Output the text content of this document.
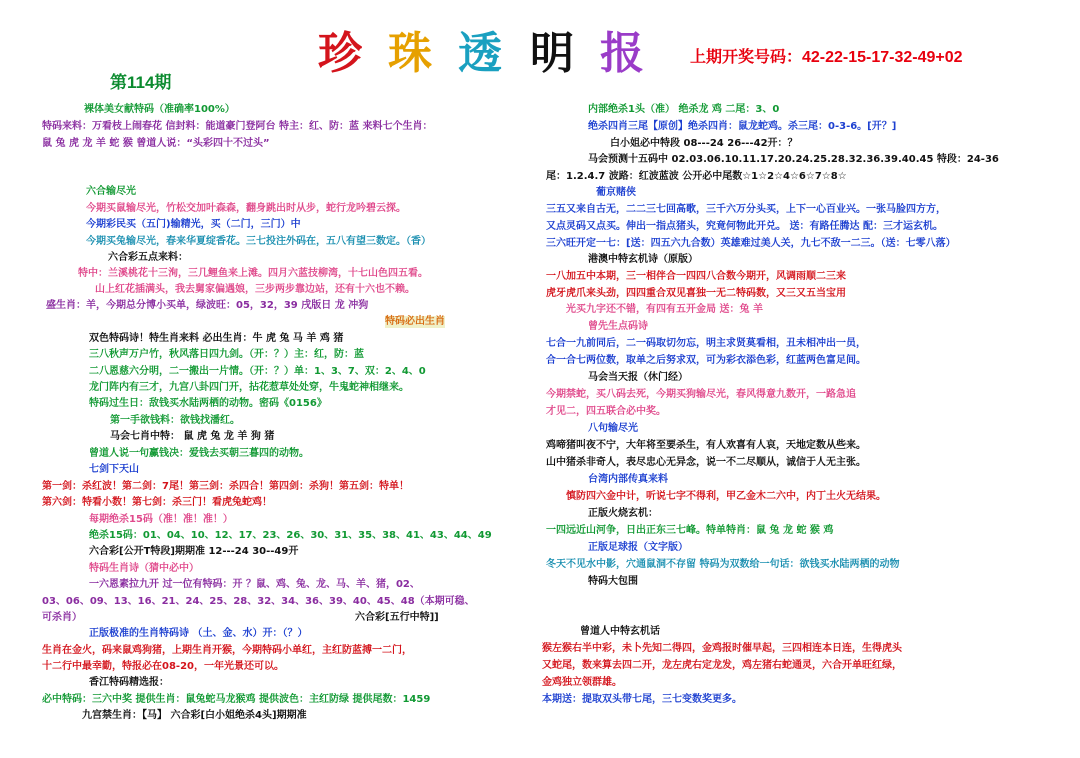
珍 珠 透 明 报	上期开奖号码：42-22-15-17-32-49+02
第114期
裸体美女献特码（准确率100%）
特码来料：万看枝上闹春花 信封料：能道豪门登阿台 特主：红、防：蓝 来料七个生肖：
鼠 兔 虎 龙 羊 蛇 猴 曾道人说：“头彩四十不过头”
六合输尽光
今期买鼠输尽光，竹松交加叶森森，翻身跳出时从步，蛇行龙吟碧云探。
今期彩民买（五门)输精光，买（二门，三门）中
今期买兔输尽光，春来华夏绽香花。三七投注外码在，五八有望三数定。（香）
六合彩五点来料：
特中：兰溪桃花十三洵，三几鲤鱼来上滩。四月六蓝技柳湾，十七山色四五看。
山上红花插满头，我去舅家偏遇娘，三步两步靠边站，还有十六也不赖。
盛生肖：羊，今期总分博小买单，绿波旺：05，32，39 戌版日 龙 冲狗
特码必出生肖
双色特码诗！特生肖来料 必出生肖：牛 虎 兔 马 羊 鸡 猪
三八秋声万户竹，秋风落日四九剑。（开：？）主：红，防：蓝
二八恩慈六分明，二一搬出一片情。（开：？）单：1、3、7、双：2、4、0
龙门阵内有三才，九宫八卦四门开，拈花惹草处处穿，牛鬼蛇神相继来。
特码过生日：敌钱买水陆两栖的动物。密码《0156》
第一手欲钱料：欲钱找潘红。
马会七肖中特： 鼠 虎 兔 龙 羊 狗 猪
曾道人说一句赢钱决：爱钱去买朝三暮四的动物。
七剑下天山
第一剑：杀红波！第二剑：7尾！第三剑：杀四合！第四剑：杀狗！第五剑：特单！
第六剑：特看小数！第七剑：杀三门！看虎兔蛇鸡！
每期绝杀15码（准！准！准！）
绝杀15码：01、04、10、12、17、23、26、30、31、35、38、41、43、44、49
六合彩[公开T特段]期期准 12---24 30--49开
特码生肖诗（猜中必中）
一六恩素拉九开 过一位有特码：开 ？鼠、鸡、兔、龙、马、羊、猪，02、
03、06、09、13、16、21、24、25、28、32、34、36、39、40、45、48（本期可稳、
可杀肖）	六合彩[五行中特]]
正版极准的生肖特码诗 （土、金、水）开：（？）
生肖在金火，码来鼠鸡狗猪，上期生肖开猴，今期特码小单红，主红防蓝搏一二门，
十二行中最幸勤，特报必在08-20，一年光景还可以。
香江特码精选报：
必中特码：三六中奖 提供生肖：鼠兔蛇马龙猴鸡 提供波色：主红防绿 提供尾数：1459
九宫禁生肖：【马】 六合彩[白小姐绝杀4头]期期准
内部绝杀1头（准） 绝杀龙 鸡 二尾：3、0
绝杀四肖三尾【原创】绝杀四肖：鼠龙蛇鸡。杀三尾：0-3-6。[开？]
白小姐必中特段 08---24 26---42开：？
马会预测十五码中 02.03.06.10.11.17.20.24.25.28.32.36.39.40.45 特段：24-36
尾：1.2.4.7 波路：红波蓝波 公开必中尾数☆1☆2☆4☆6☆7☆8☆
葡京赌侠
三五又来自古无，二二三七回高歌，三千六万分头买，上下一心百业兴。一张马脸四方方，
又点灵码又点买。伸出一指点猪头，究竟何物此开兑。 送：有路任腾达 配：三才运玄机。
三六旺开定一七：[送：四五六九合数）英雄难过美人关，九七不敌一二三。（送：七零八落）
港澳中特玄机诗（原版）
一八加五中本期，三一相伴合一四四八合数今期开，风调雨顺二三来
虎牙虎爪来头劲，四四重合双见喜独一无二特码数，又三又五当宝用
光买九字还不错，有四有五开金局 送：兔 羊
曾先生点码诗
七合一九前同后，二一码取切勿忘，明主求贤莫看相，丑未相冲出一员，
合一合七两位数，取单之后努求双，可为彩衣添色彩，红蓝两色富足间。
马会当天报（休门经）
今期禁蛇，买八码去死，今期买狗输尽光，春风得意九数开，一路急追
才见二，四五联合必中奖。
八句输尽光
鸡啼猪叫夜不宁，大年将至要杀生，有人欢喜有人哀，天地定数从些来。
山中猪杀非奇人，表尽忠心无异念，说一不二尽顺从，诚信于人无主张。
台湾内部传真来料
慎防四六金中计，听说七字不得利，甲乙金木二六中，内丁土火无结果。
正版火烧玄机：
一四远近山河争，日出正东三七峰。特单特肖：鼠 兔 龙 蛇 猴 鸡
正版足球报（文字版）
冬天不见水中影，穴通鼠洞不存留 特码为双数给一句话：欲钱买水陆两栖的动物
特码大包围
曾道人中特玄机话
猴左猴右半中彩，未卜先知二得四，金鸡报时催早起，三四相连本日连，生得虎头
又蛇尾，数来算去四二开，龙左虎右定龙发，鸡左猪右蛇通灵，六合开单旺红绿，
金鸡独立领群雄。
本期送：提取双头带七尾，三七变数奖更多。
